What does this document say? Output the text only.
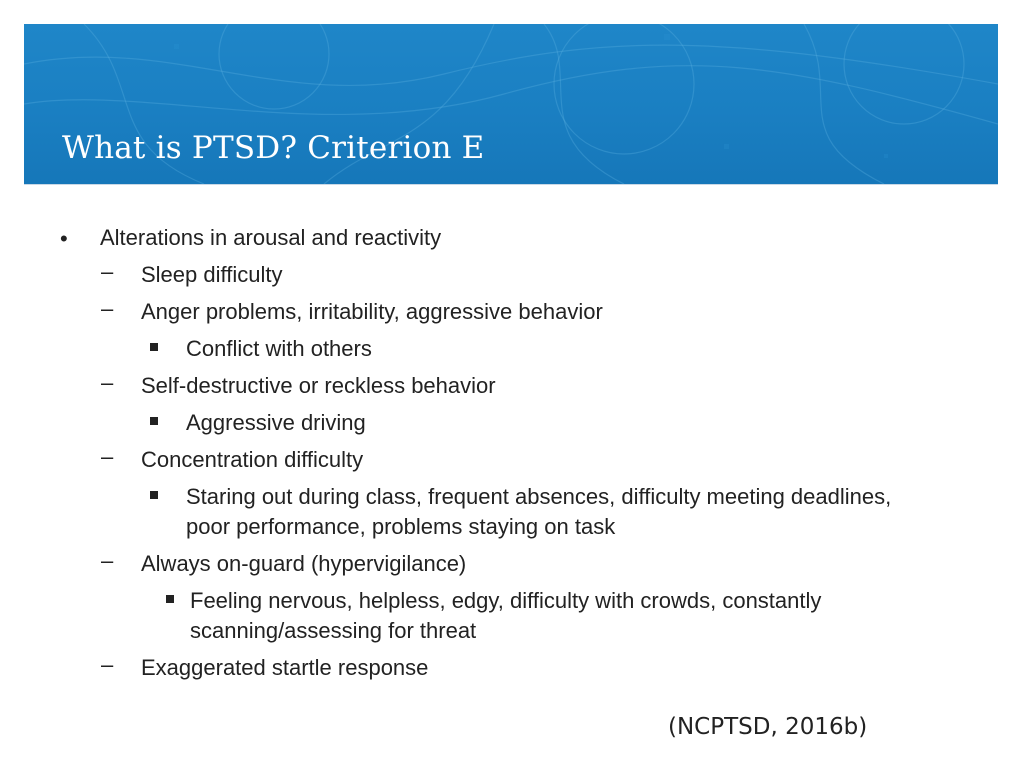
What is PTSD? Criterion E
• Alterations in arousal and reactivity
– Sleep difficulty
– Anger problems, irritability, aggressive behavior
Conflict with others
– Self-destructive or reckless behavior
Aggressive driving
– Concentration difficulty
Staring out during class, frequent absences, difficulty meeting deadlines,
poor performance, problems staying on task
– Always on-guard (hypervigilance)
Feeling nervous, helpless, edgy, difficulty with crowds, constantly
scanning/assessing for threat
– Exaggerated startle response
(NCPTSD, 2016b)
